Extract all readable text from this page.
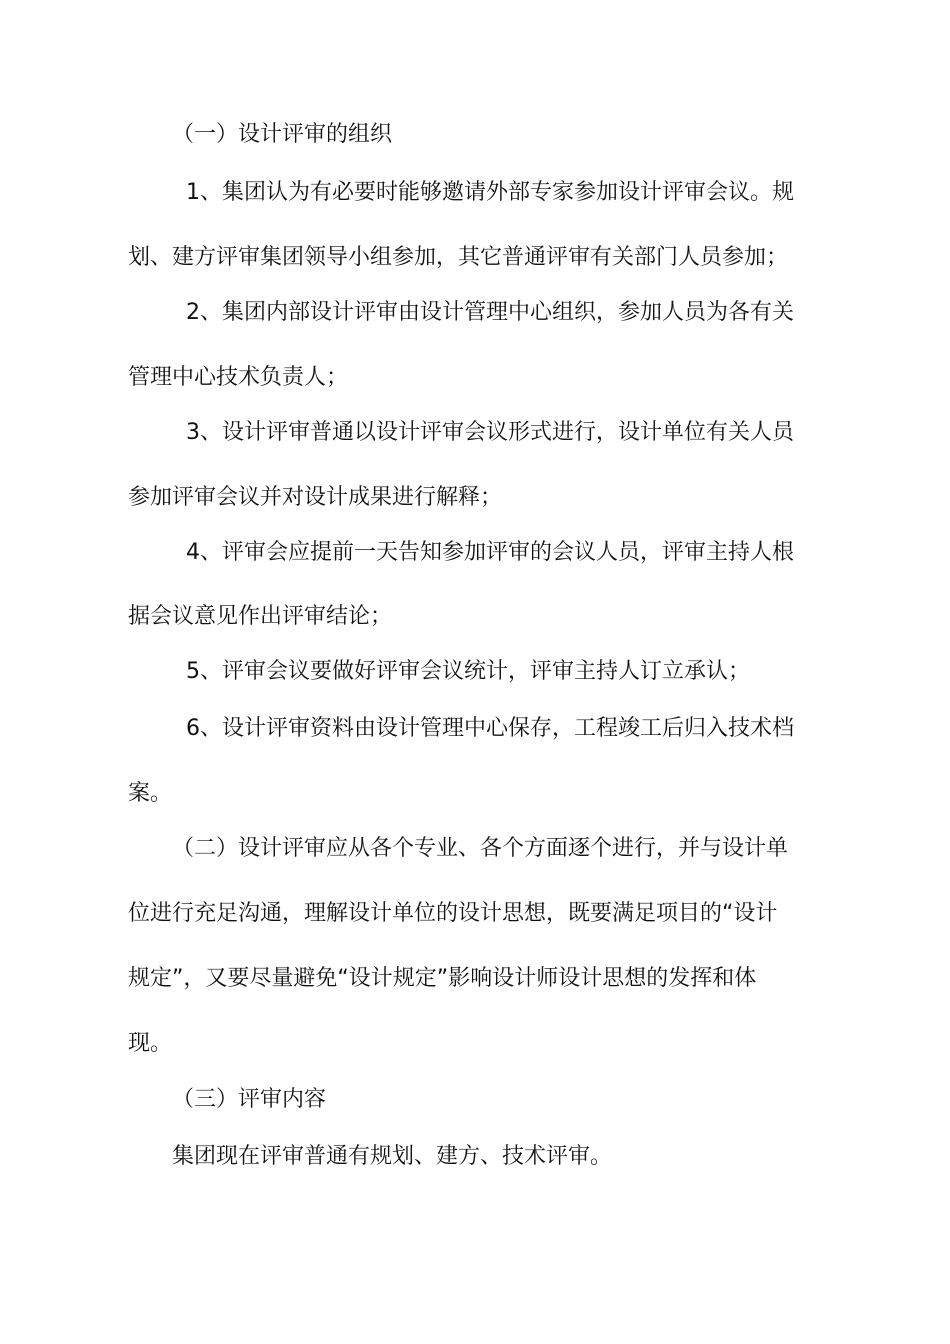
（一）设计评审的组织
1、集团认为有必要时能够邀请外部专家参加设计评审会议。规
划、建方评审集团领导小组参加，其它普通评审有关部门人员参加；
2、集团内部设计评审由设计管理中心组织，参加人员为各有关
管理中心技术负责人；
3、设计评审普通以设计评审会议形式进行，设计单位有关人员
参加评审会议并对设计成果进行解释；
4、评审会应提前一天告知参加评审的会议人员，评审主持人根
据会议意见作出评审结论；
5、评审会议要做好评审会议统计，评审主持人订立承认；
6、设计评审资料由设计管理中心保存，工程竣工后归入技术档
案。
（二）设计评审应从各个专业、各个方面逐个进行，并与设计单
位进行充足沟通，理解设计单位的设计思想，既要满足项目的“设计
规定”，又要尽量避免“设计规定”影响设计师设计思想的发挥和体
现。
（三）评审内容
集团现在评审普通有规划、建方、技术评审。
